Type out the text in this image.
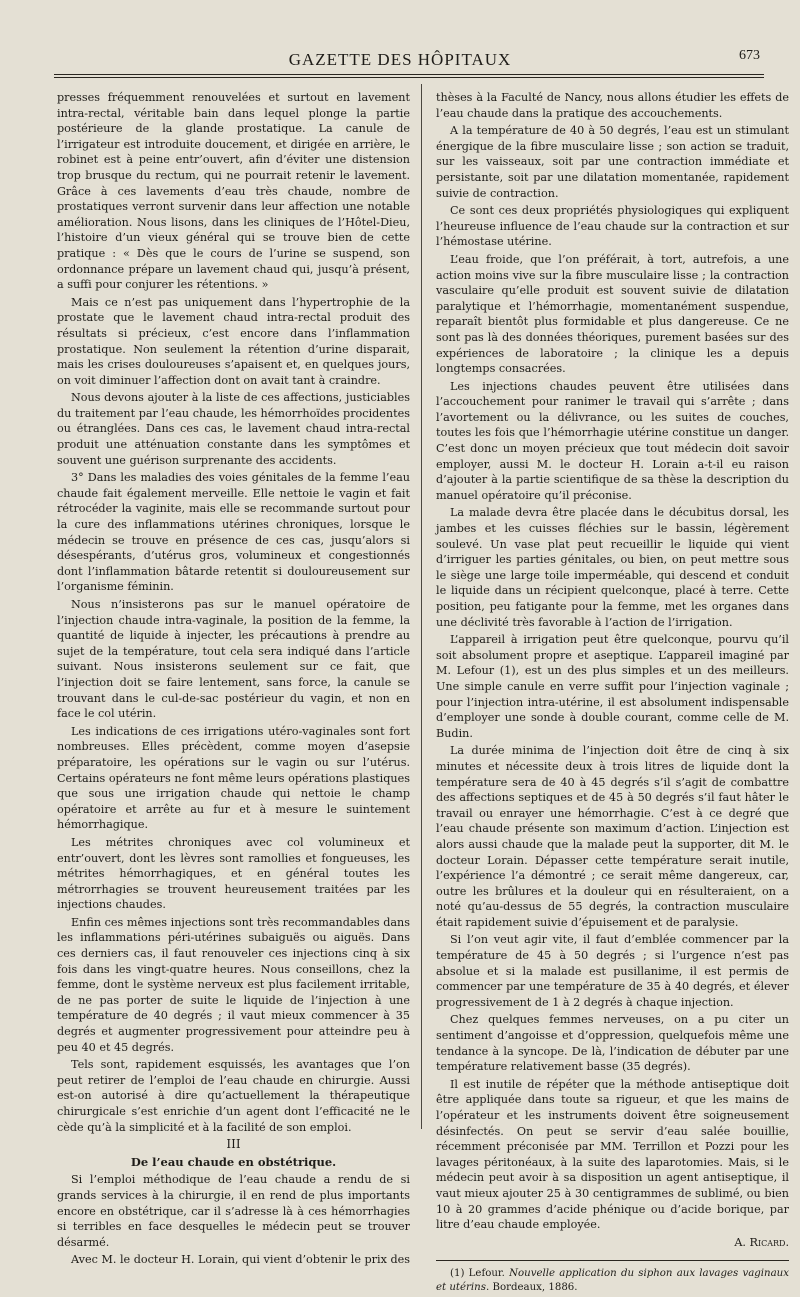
GAZETTE DES HÔPITAUX	673

presses fréquemment renouvelées et surtout en lavement intra-rectal, véritable bain dans lequel plonge la partie postérieure de la glande prostatique. La canule de l’irrigateur est introduite doucement, et dirigée en arrière, le robinet est à peine entr’ouvert, afin d’éviter une distension trop brusque du rectum, qui ne pourrait retenir le lavement. Grâce à ces lavements d’eau très chaude, nombre de prostatiques verront survenir dans leur affection une notable amélioration. Nous lisons, dans les cliniques de l’Hôtel-Dieu, l’histoire d’un vieux général qui se trouve bien de cette pratique : « Dès que le cours de l’urine se suspend, son ordonnance prépare un lavement chaud qui, jusqu’à présent, a suffi pour conjurer les rétentions. »

Mais ce n’est pas uniquement dans l’hypertrophie de la prostate que le lavement chaud intra-rectal produit des résultats si précieux, c’est encore dans l’inflammation prostatique. Non seulement la rétention d’urine disparait, mais les crises douloureuses s’apaisent et, en quelques jours, on voit diminuer l’affection dont on avait tant à craindre.

Nous devons ajouter à la liste de ces affections, justiciables du traitement par l’eau chaude, les hémorrhoïdes procidentes ou étranglées. Dans ces cas, le lavement chaud intra-rectal produit une atténuation constante dans les symptômes et souvent une guérison surprenante des accidents.

3° Dans les maladies des voies génitales de la femme l’eau chaude fait également merveille. Elle nettoie le vagin et fait rétrocéder la vaginite, mais elle se recommande surtout pour la cure des inflammations utérines chroniques, lorsque le médecin se trouve en présence de ces cas, jusqu’alors si désespérants, d’utérus gros, volumineux et congestionnés dont l’inflammation bâtarde retentit si douloureusement sur l’organisme féminin.

Nous n’insisterons pas sur le manuel opératoire de l’injection chaude intra-vaginale, la position de la femme, la quantité de liquide à injecter, les précautions à prendre au sujet de la température, tout cela sera indiqué dans l’article suivant. Nous insisterons seulement sur ce fait, que l’injection doit se faire lentement, sans force, la canule se trouvant dans le cul-de-sac postérieur du vagin, et non en face le col utérin.

Les indications de ces irrigations utéro-vaginales sont fort nombreuses. Elles précèdent, comme moyen d’asepsie préparatoire, les opérations sur le vagin ou sur l’utérus. Certains opérateurs ne font même leurs opérations plastiques que sous une irrigation chaude qui nettoie le champ opératoire et arrête au fur et à mesure le suintement hémorrhagique.

Les métrites chroniques avec col volumineux et entr’ouvert, dont les lèvres sont ramollies et fongueuses, les métrites hémorrhagiques, et en général toutes les métrorrhagies se trouvent heureusement traitées par les injections chaudes.

Enfin ces mêmes injections sont très recommandables dans les inflammations péri-utérines subaiguës ou aiguës. Dans ces derniers cas, il faut renouveler ces injections cinq à six fois dans les vingt-quatre heures. Nous conseillons, chez la femme, dont le système nerveux est plus facilement irritable, de ne pas porter de suite le liquide de l’injection à une température de 40 degrés ; il vaut mieux commencer à 35 degrés et augmenter progressivement pour atteindre peu à peu 40 et 45 degrés.

Tels sont, rapidement esquissés, les avantages que l’on peut retirer de l’emploi de l’eau chaude en chirurgie. Aussi est-on autorisé à dire qu’actuellement la thérapeutique chirurgicale s’est enrichie d’un agent dont l’efficacité ne le cède qu’à la simplicité et à la facilité de son emploi.

III

De l’eau chaude en obstétrique.

Si l’emploi méthodique de l’eau chaude a rendu de si grands services à la chirurgie, il en rend de plus importants encore en obstétrique, car il s’adresse là à ces hémorrhagies si terribles en face desquelles le médecin peut se trouver désarmé.

Avec M. le docteur H. Lorain, qui vient d’obtenir le prix des

thèses à la Faculté de Nancy, nous allons étudier les effets de l’eau chaude dans la pratique des accouchements.

A la température de 40 à 50 degrés, l’eau est un stimulant énergique de la fibre musculaire lisse ; son action se traduit, sur les vaisseaux, soit par une contraction immédiate et persistante, soit par une dilatation momentanée, rapidement suivie de contraction.

Ce sont ces deux propriétés physiologiques qui expliquent l’heureuse influence de l’eau chaude sur la contraction et sur l’hémostase utérine.

L’eau froide, que l’on préférait, à tort, autrefois, a une action moins vive sur la fibre musculaire lisse ; la contraction vasculaire qu’elle produit est souvent suivie de dilatation paralytique et l’hémorrhagie, momentanément suspendue, reparaît bientôt plus formidable et plus dangereuse. Ce ne sont pas là des données théoriques, purement basées sur des expériences de laboratoire ; la clinique les a depuis longtemps consacrées.

Les injections chaudes peuvent être utilisées dans l’accouchement pour ranimer le travail qui s’arrête ; dans l’avortement ou la délivrance, ou les suites de couches, toutes les fois que l’hémorrhagie utérine constitue un danger. C’est donc un moyen précieux que tout médecin doit savoir employer, aussi M. le docteur H. Lorain a-t-il eu raison d’ajouter à la partie scientifique de sa thèse la description du manuel opératoire qu’il préconise.

La malade devra être placée dans le décubitus dorsal, les jambes et les cuisses fléchies sur le bassin, légèrement soulevé. Un vase plat peut recueillir le liquide qui vient d’irriguer les parties génitales, ou bien, on peut mettre sous le siège une large toile imperméable, qui descend et conduit le liquide dans un récipient quelconque, placé à terre. Cette position, peu fatigante pour la femme, met les organes dans une déclivité très favorable à l’action de l’irrigation.

L’appareil à irrigation peut être quelconque, pourvu qu’il soit absolument propre et aseptique. L’appareil imaginé par M. Lefour (1), est un des plus simples et un des meilleurs. Une simple canule en verre suffit pour l’injection vaginale ; pour l’injection intra-utérine, il est absolument indispensable d’employer une sonde à double courant, comme celle de M. Budin.

La durée minima de l’injection doit être de cinq à six minutes et nécessite deux à trois litres de liquide dont la température sera de 40 à 45 degrés s’il s’agit de combattre des affections septiques et de 45 à 50 degrés s’il faut hâter le travail ou enrayer une hémorrhagie. C’est à ce degré que l’eau chaude présente son maximum d’action. L’injection est alors aussi chaude que la malade peut la supporter, dit M. le docteur Lorain. Dépasser cette température serait inutile, l’expérience l’a démontré ; ce serait même dangereux, car, outre les brûlures et la douleur qui en résulteraient, on a noté qu’au-dessus de 55 degrés, la contraction musculaire était rapidement suivie d’épuisement et de paralysie.

Si l’on veut agir vite, il faut d’emblée commencer par la température de 45 à 50 degrés ; si l’urgence n’est pas absolue et si la malade est pusillanime, il est permis de commencer par une température de 35 à 40 degrés, et élever progressivement de 1 à 2 degrés à chaque injection.

Chez quelques femmes nerveuses, on a pu citer un sentiment d’angoisse et d’oppression, quelquefois même une tendance à la syncope. De là, l’indication de débuter par une température relativement basse (35 degrés).

Il est inutile de répéter que la méthode antiseptique doit être appliquée dans toute sa rigueur, et que les mains de l’opérateur et les instruments doivent être soigneusement désinfectés. On peut se servir d’eau salée bouillie, récemment préconisée par MM. Terrillon et Pozzi pour les lavages péritonéaux, à la suite des laparotomies. Mais, si le médecin peut avoir à sa disposition un agent antiseptique, il vaut mieux ajouter 25 à 30 centigrammes de sublimé, ou bien 10 à 20 grammes d’acide phénique ou d’acide borique, par litre d’eau chaude employée.

A. Ricard.

(1) Lefour. Nouvelle application du siphon aux lavages vaginaux et utérins. Bordeaux, 1886.
